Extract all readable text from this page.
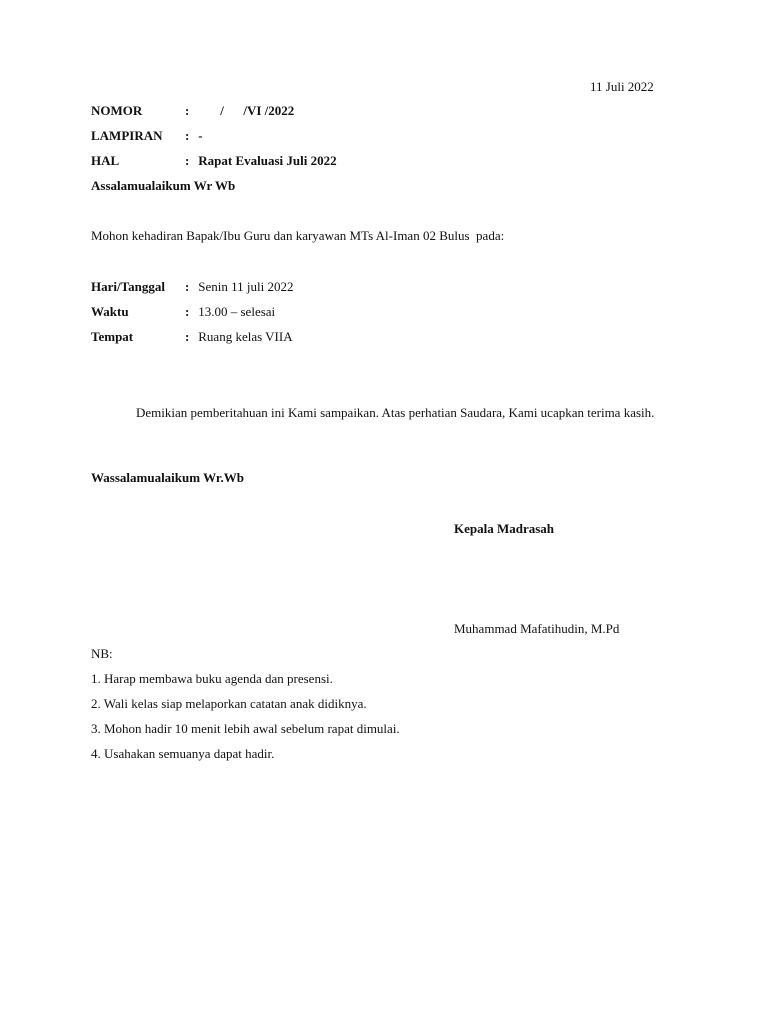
11 Juli 2022
NOMOR	: /      /VI /2022
LAMPIRAN : -
HAL	: Rapat Evaluasi Juli 2022
Assalamualaikum Wr Wb
Mohon kehadiran Bapak/Ibu Guru dan karyawan MTs Al-Iman 02 Bulus  pada:
Hari/Tanggal : Senin 11 juli 2022
Waktu	: 13.00 – selesai
Tempat	: Ruang kelas VIIA
Demikian pemberitahuan ini Kami sampaikan. Atas perhatian Saudara, Kami ucapkan terima kasih.
Wassalamualaikum Wr.Wb
Kepala Madrasah
Muhammad Mafatihudin, M.Pd
NB:
1. Harap membawa buku agenda dan presensi.
2. Wali kelas siap melaporkan catatan anak didiknya.
3. Mohon hadir 10 menit lebih awal sebelum rapat dimulai.
4. Usahakan semuanya dapat hadir.
